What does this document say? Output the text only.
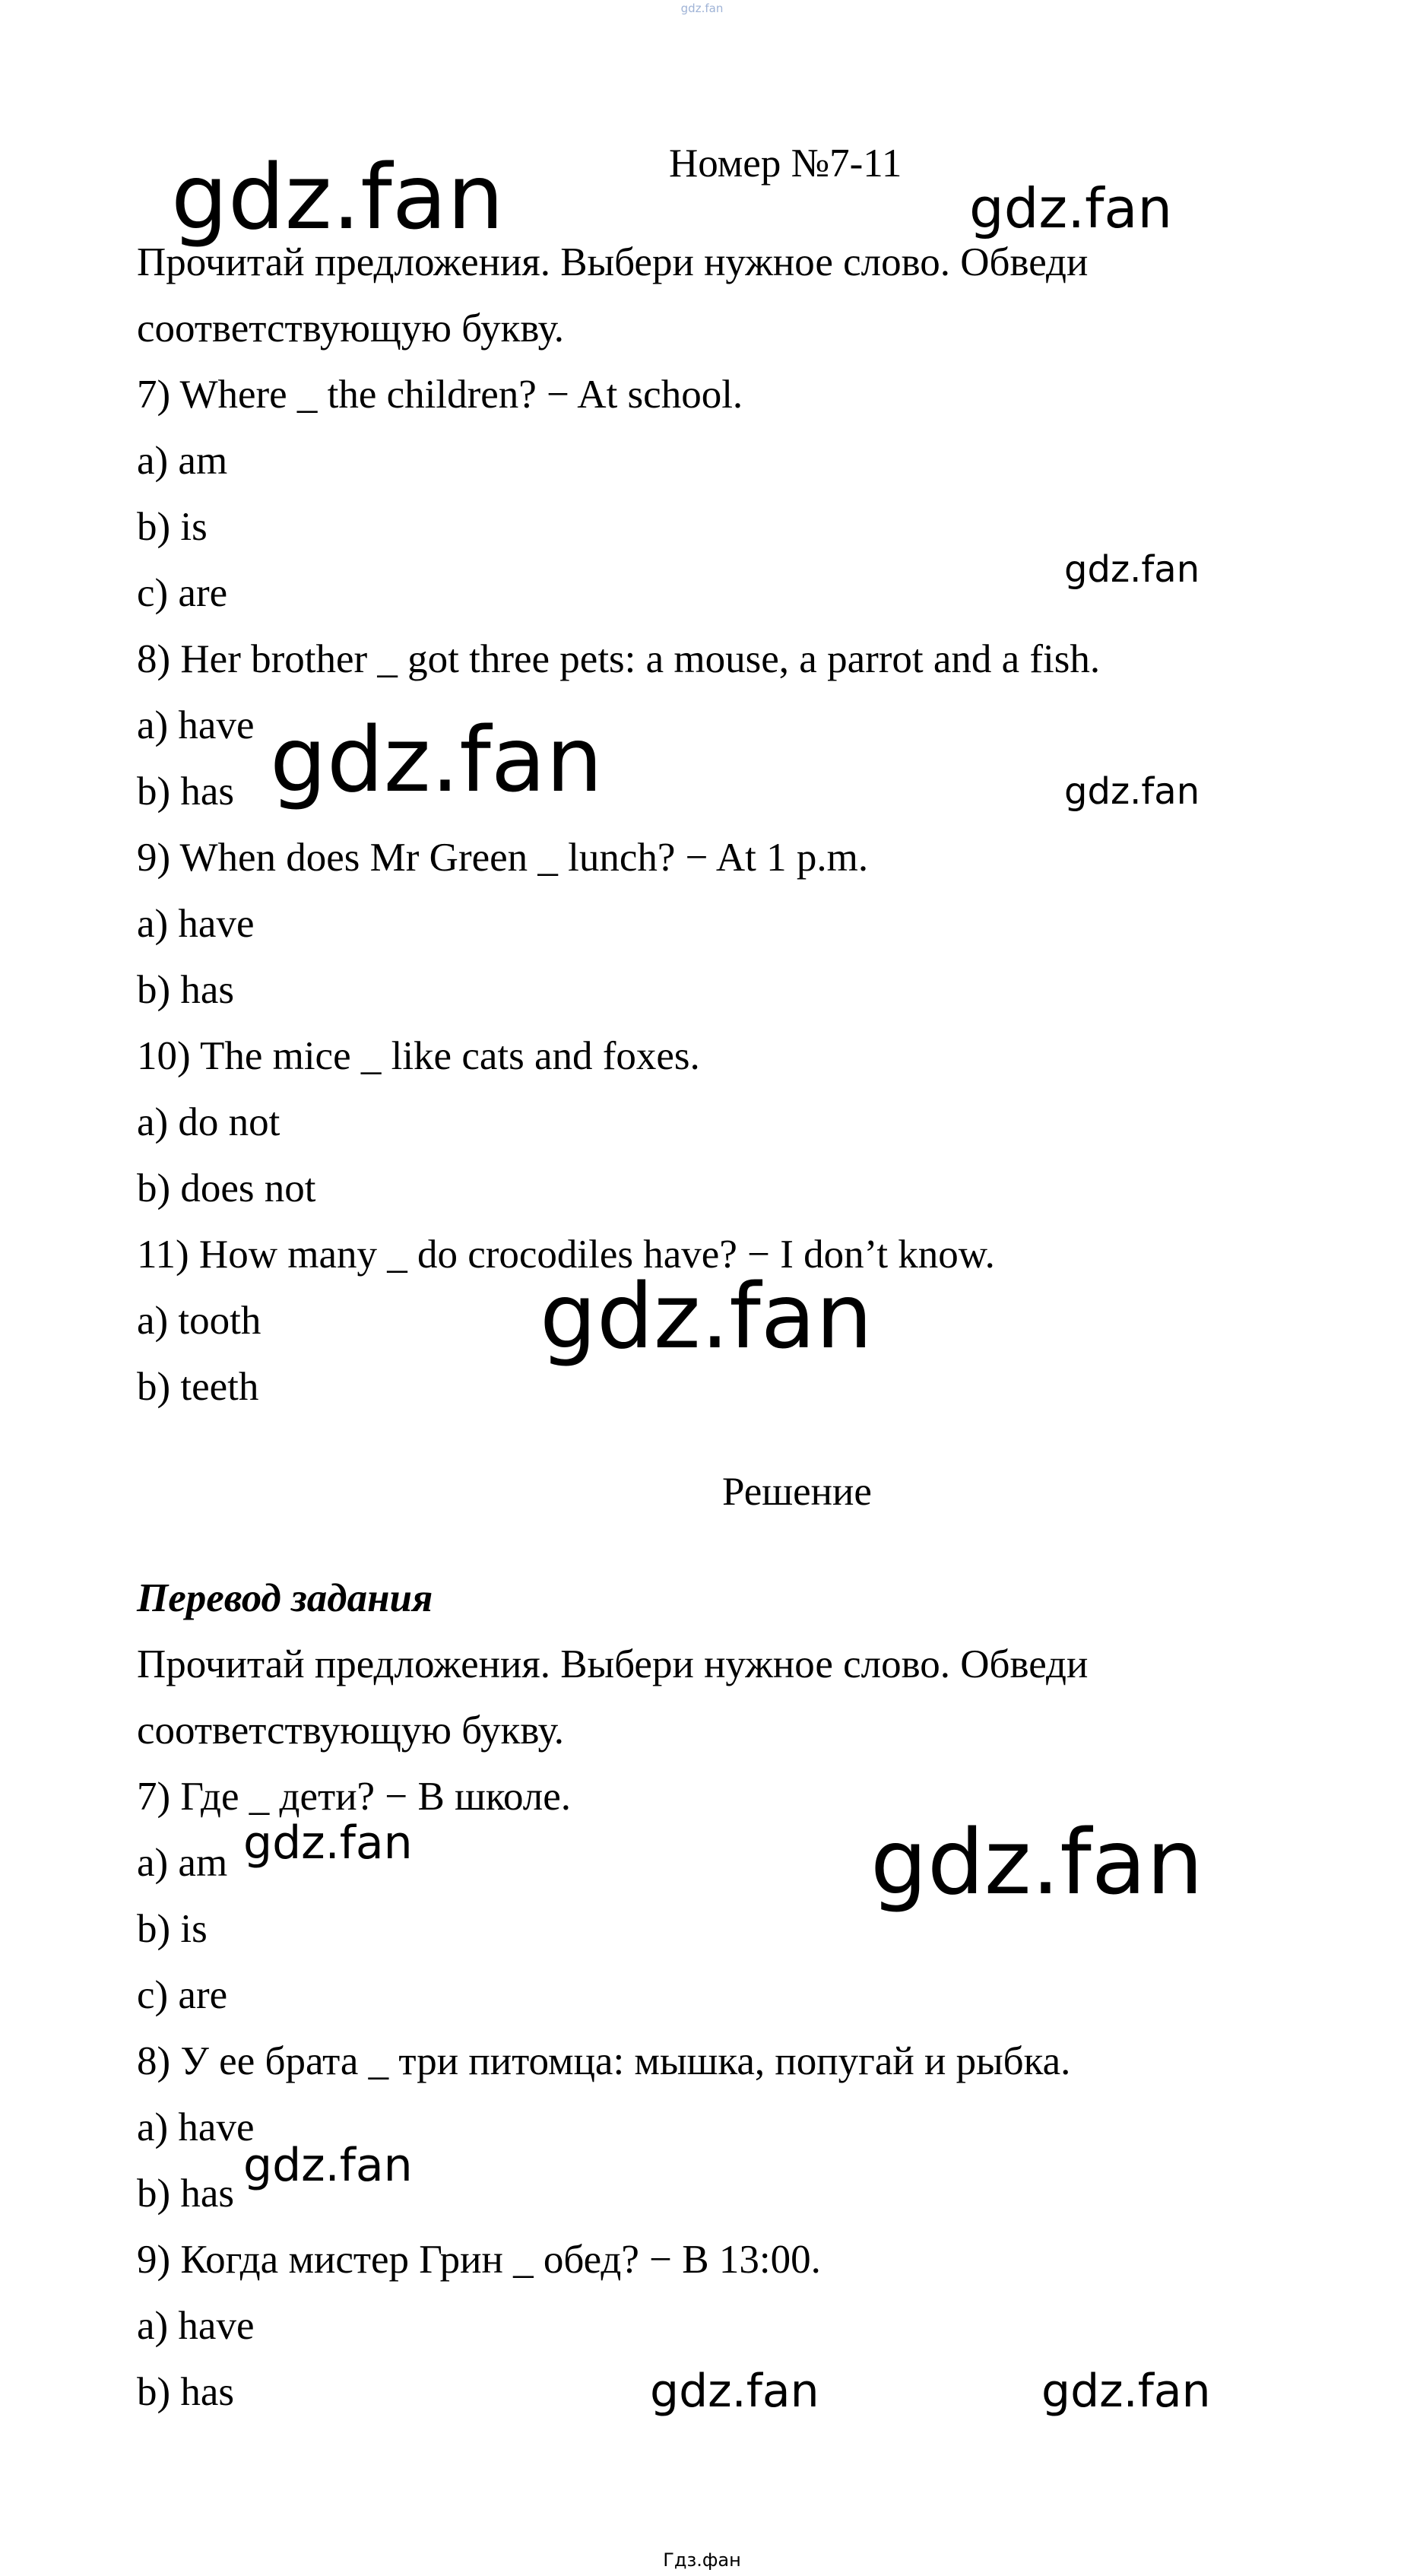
gdz.fan
Номер №7-11
Прочитай предложения. Выбери нужное слово. Обведи
соответствующую букву.
7) Where _ the children? − At school.
a) am
b) is
c) are
8) Her brother _ got three pets: a mouse, a parrot and a fish.
a) have
b) has
9) When does Mr Green _ lunch? − At 1 p.m.
a) have
b) has
10) The mice _ like cats and foxes.
a) do not
b) does not
11) How many _ do crocodiles have? − I don’t know.
a) tooth
b) teeth
Решение
Перевод задания
Прочитай предложения. Выбери нужное слово. Обведи
соответствующую букву.
7) Где _ дети? − В школе.
a) am
b) is
c) are
8) У ее брата _ три питомца: мышка, попугай и рыбка.
a) have
b) has
9) Когда мистер Грин _ обед? − В 13:00.
a) have
b) has
gdz.fan	gdz.fan
gdz.fan
gdz.fan	gdz.fan
gdz.fan
gdz.fan	gdz.fan
gdz.fan
gdz.fan	gdz.fan
Гдз.фан
